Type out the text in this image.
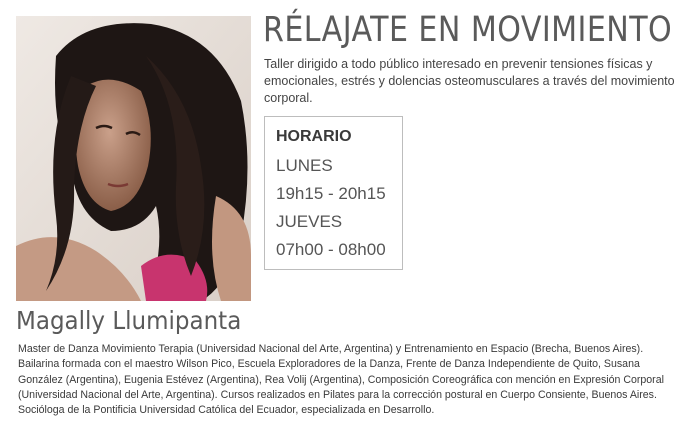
RÉLAJATE EN MOVIMIENTO
Taller dirigido a todo público interesado en prevenir tensiones físicas y emocionales, estrés y dolencias osteomusculares a través del movimiento corporal.
HORARIO
LUNES
19h15 - 20h15
JUEVES
07h00 - 08h00
Magally Llumipanta
Master de Danza Movimiento Terapia (Universidad Nacional del Arte, Argentina) y Entrenamiento en Espacio (Brecha, Buenos Aires). Bailarina formada con el maestro Wilson Pico, Escuela Exploradores de la Danza, Frente de Danza Independiente de Quito, Susana González (Argentina), Eugenia Estévez (Argentina), Rea Volij (Argentina), Composición Coreográfica con mención en Expresión Corporal (Universidad Nacional del Arte, Argentina). Cursos realizados en Pilates para la corrección postural en Cuerpo Consiente, Buenos Aires. Socióloga de la Pontificia Universidad Católica del Ecuador, especializada en Desarrollo.
